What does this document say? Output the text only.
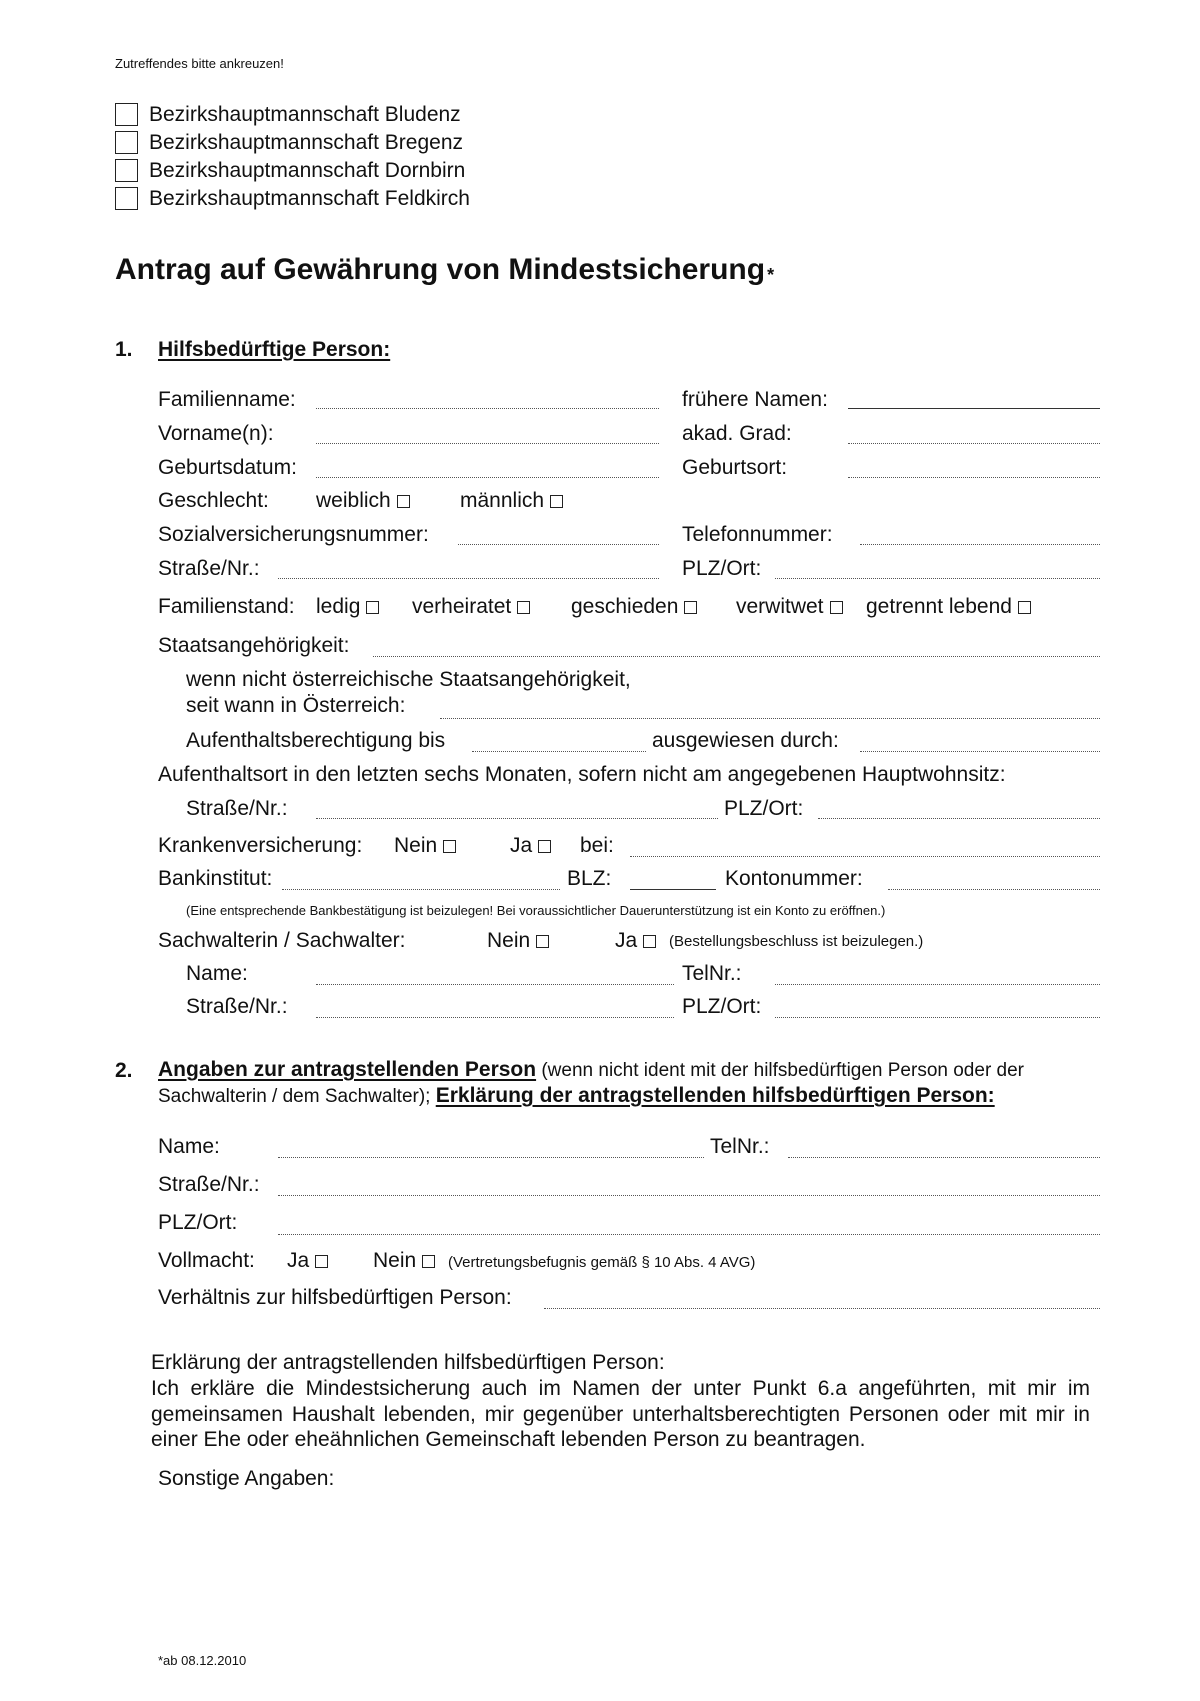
Zutreffendes bitte ankreuzen!
Bezirkshauptmannschaft Bludenz
Bezirkshauptmannschaft Bregenz
Bezirkshauptmannschaft Dornbirn
Bezirkshauptmannschaft Feldkirch
Antrag auf Gewährung von Mindestsicherung *
1. Hilfsbedürftige Person:
Familienname:	frühere Namen:
Vorname(n):	akad. Grad:
Geburtsdatum:	Geburtsort:
Geschlecht: weiblich	männlich
Sozialversicherungsnummer:	Telefonnummer:
Straße/Nr.:	PLZ/Ort:
Familienstand: ledig	verheiratet	geschieden	verwitwet	getrennt lebend
Staatsangehörigkeit:
wenn nicht österreichische Staatsangehörigkeit,
seit wann in Österreich:
Aufenthaltsberechtigung bis	ausgewiesen durch:
Aufenthaltsort in den letzten sechs Monaten, sofern nicht am angegebenen Hauptwohnsitz:
Straße/Nr.:	PLZ/Ort:
Krankenversicherung: Nein	Ja	bei:
Bankinstitut:	BLZ:	Kontonummer:
(Eine entsprechende Bankbestätigung ist beizulegen! Bei voraussichtlicher Dauerunterstützung ist ein Konto zu eröffnen.)
Sachwalterin / Sachwalter:	Nein	Ja	(Bestellungsbeschluss ist beizulegen.)
Name:	TelNr.:
Straße/Nr.:	PLZ/Ort:
2. Angaben zur antragstellenden Person (wenn nicht ident mit der hilfsbedürftigen Person oder der
Sachwalterin / dem Sachwalter); Erklärung der antragstellenden hilfsbedürftigen Person:
Name:	TelNr.:
Straße/Nr.:
PLZ/Ort:
Vollmacht: Ja	Nein	(Vertretungsbefugnis gemäß § 10 Abs. 4 AVG)
Verhältnis zur hilfsbedürftigen Person:
Erklärung der antragstellenden hilfsbedürftigen Person:
Ich erkläre die Mindestsicherung auch im Namen der unter Punkt 6.a angeführten, mit mir im gemeinsamen Haushalt lebenden, mir gegenüber unterhaltsberechtigten Personen oder mit mir in einer Ehe oder eheähnlichen Gemeinschaft lebenden Person zu beantragen.
Sonstige Angaben:
*ab 08.12.2010
